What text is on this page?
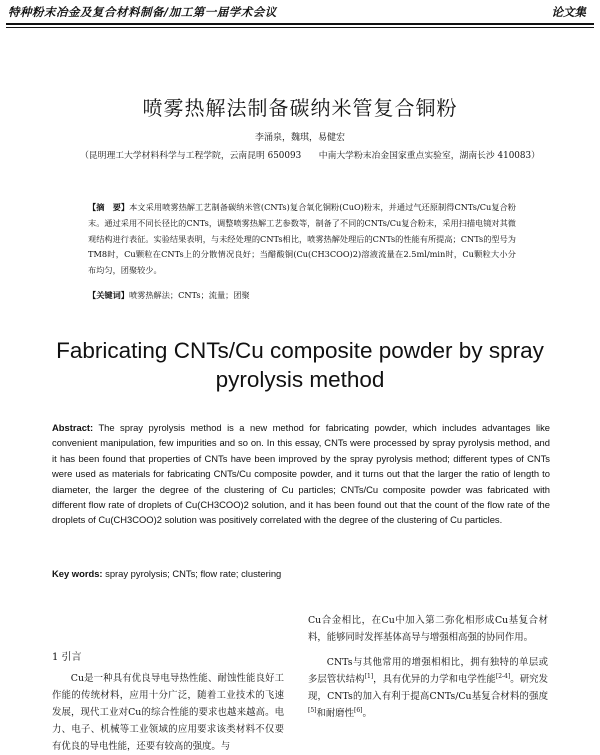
特种粉末冶金及复合材料制备/加工第一届学术会议	论文集
喷雾热解法制备碳纳米管复合铜粉
李涌泉，魏琪，易健宏
（昆明理工大学材料科学与工程学院，云南昆明 650093　　中南大学粉末冶金国家重点实验室，湖南长沙 410083）
【摘　要】本文采用喷雾热解工艺制备碳纳米管(CNTs)复合氧化铜粉(CuO)粉末，并通过气还原制得CNTs/Cu复合粉末。通过采用不同长径比的CNTs，调整喷雾热解工艺参数等，制备了不同的CNTs/Cu复合粉末，采用扫描电镜对其微观结构进行表征。实验结果表明，与未经处理的CNTs相比，喷雾热解处理后的CNTs的性能有所提高；CNTs的型号为TM8时，Cu颗粒在CNTs上的分散情况良好；当醋酸铜(Cu(CH3COO)2)溶液流量在2.5ml/min时，Cu颗粒大小分布均匀，团聚较少。
【关键词】喷雾热解法；CNTs；流量；团聚
Fabricating CNTs/Cu composite powder by spray pyrolysis method
Abstract: The spray pyrolysis method is a new method for fabricating powder, which includes advantages like convenient manipulation, few impurities and so on. In this essay, CNTs were processed by spray pyrolysis method, and it has been found that properties of CNTs have been improved by the spray pyrolysis method; different types of CNTs were used as materials for fabricating CNTs/Cu composite powder, and it turns out that the larger the ratio of length to diameter, the larger the degree of the clustering of Cu particles; CNTs/Cu composite powder was fabricated with different flow rate of droplets of Cu(CH3COO)2 solution, and it has been found out that the count of the flow rate of the droplets of Cu(CH3COO)2 solution was positively correlated with the degree of the clustering of Cu particles.
Key words: spray pyrolysis; CNTs; flow rate; clustering
1 引言

Cu是一种具有优良导电导热性能、耐蚀性能良好工作能的传统材料，应用十分广泛，随着工业技术的飞速发展，现代工业对Cu的综合性能的要求也越来越高。电力、电子、机械等工业领域的应用要求该类材料不仅要有优良的导电性能，还要有较高的强度。与

Cu合金相比，在Cu中加入第二弥化相形成Cu基复合材料，能够同时发挥基体高导与增强相高强的协同作用。

CNTs与其他常用的增强相相比，拥有独特的单层或多层管状结构[1]，具有优异的力学和电学性能[2-4]。研究发现，CNTs的加入有利于提高CNTs/Cu基复合材料的强度[5]和耐磨性[6]。
